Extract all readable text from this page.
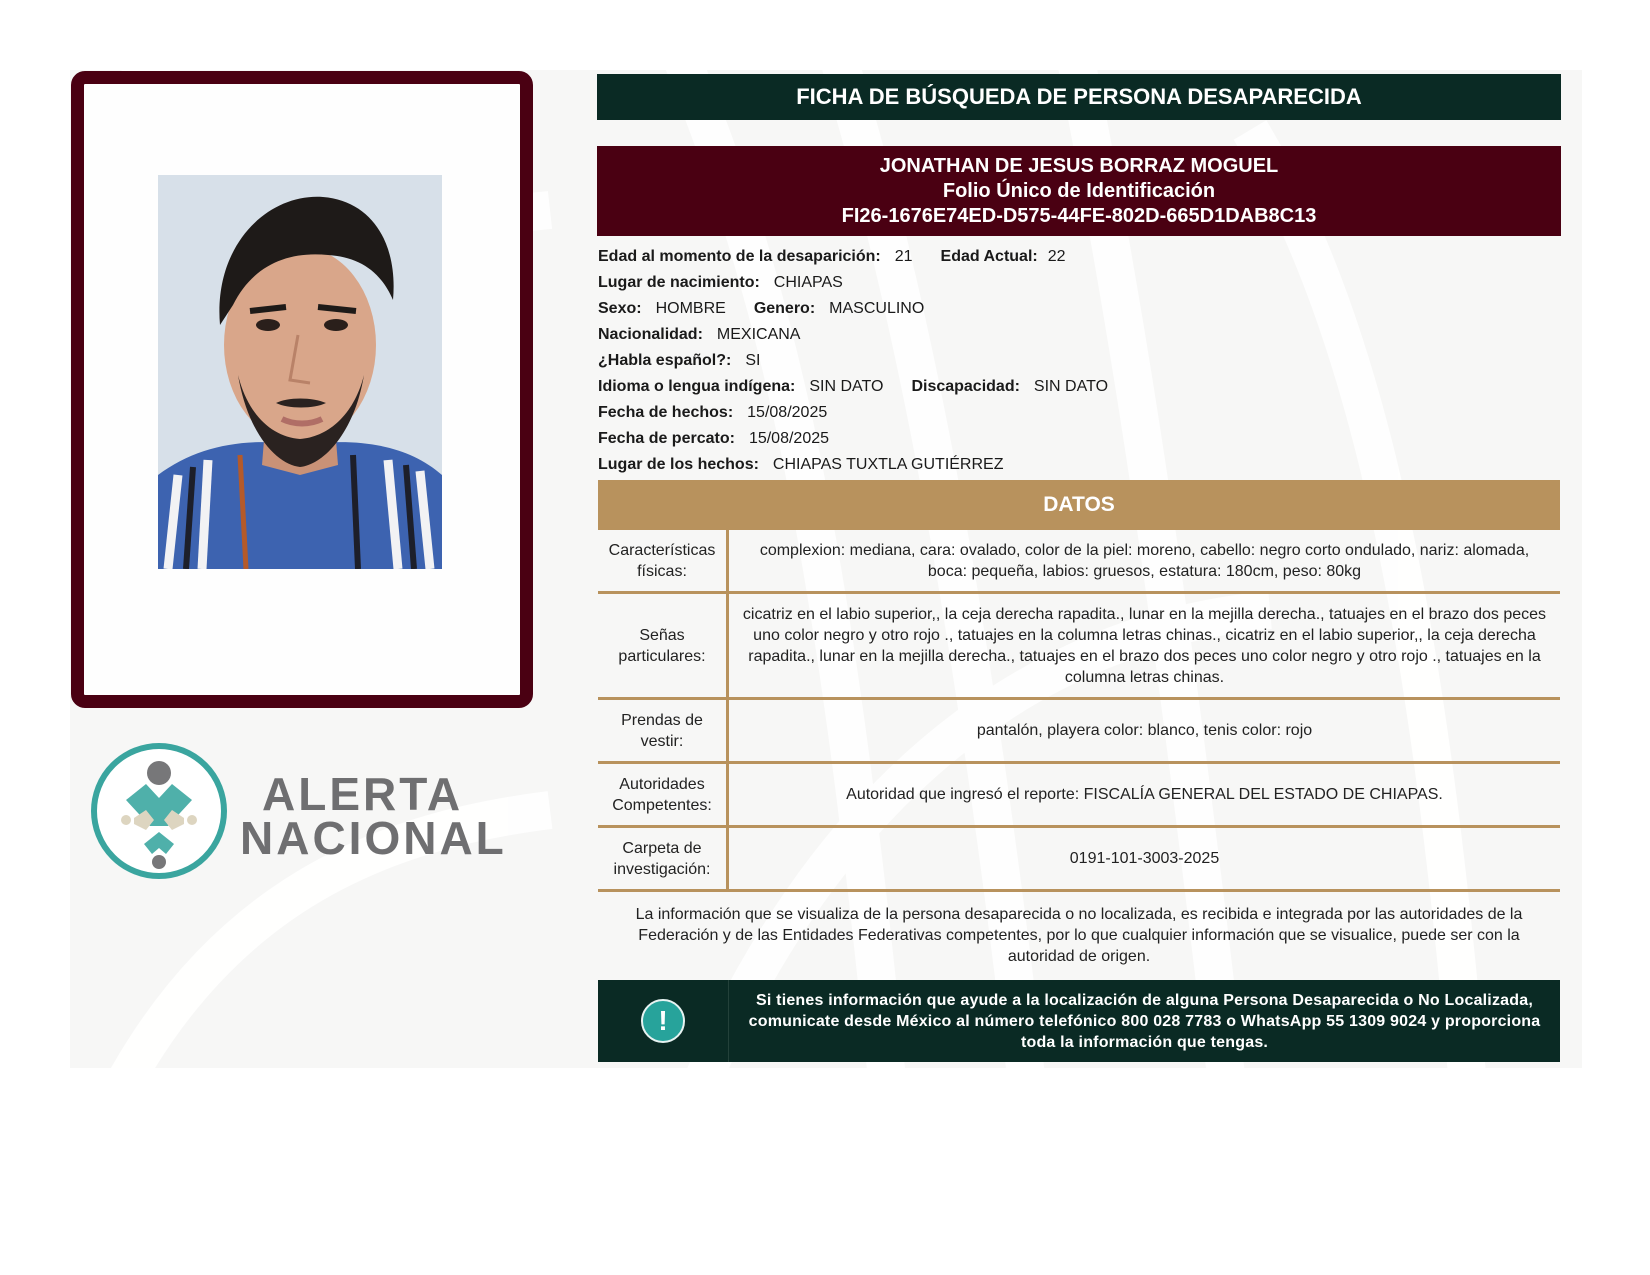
ALERTA
NACIONAL
FICHA DE BÚSQUEDA DE PERSONA DESAPARECIDA
JONATHAN DE JESUS BORRAZ MOGUEL
Folio Único de Identificación
FI26-1676E74ED-D575-44FE-802D-665D1DAB8C13
Edad al momento de la desaparición: 21 Edad Actual: 22
Lugar de nacimiento: CHIAPAS
Sexo: HOMBRE Genero: MASCULINO
Nacionalidad: MEXICANA
¿Habla español?: SI
Idioma o lengua indígena: SIN DATO Discapacidad: SIN DATO
Fecha de hechos: 15/08/2025
Fecha de percato: 15/08/2025
Lugar de los hechos: CHIAPAS TUXTLA GUTIÉRREZ
DATOS
Características físicas:
complexion: mediana, cara: ovalado, color de la piel: moreno, cabello: negro corto ondulado, nariz: alomada, boca: pequeña, labios: gruesos, estatura: 180cm, peso: 80kg
Señas particulares:
cicatriz en el labio superior,, la ceja derecha rapadita., lunar en la mejilla derecha., tatuajes en el brazo dos peces uno color negro y otro rojo ., tatuajes en la columna letras chinas., cicatriz en el labio superior,, la ceja derecha rapadita., lunar en la mejilla derecha., tatuajes en el brazo dos peces uno color negro y otro rojo ., tatuajes en la columna letras chinas.
Prendas de vestir:
pantalón, playera color: blanco, tenis color: rojo
Autoridades Competentes:
Autoridad que ingresó el reporte: FISCALÍA GENERAL DEL ESTADO DE CHIAPAS.
Carpeta de investigación:
0191-101-3003-2025
La información que se visualiza de la persona desaparecida o no localizada, es recibida e integrada por las autoridades de la Federación y de las Entidades Federativas competentes, por lo que cualquier información que se visualice, puede ser con la autoridad de origen.
!
Si tienes información que ayude a la localización de alguna Persona Desaparecida o No Localizada, comunicate desde México al número telefónico 800 028 7783 o WhatsApp 55 1309 9024 y proporciona toda la información que tengas.
